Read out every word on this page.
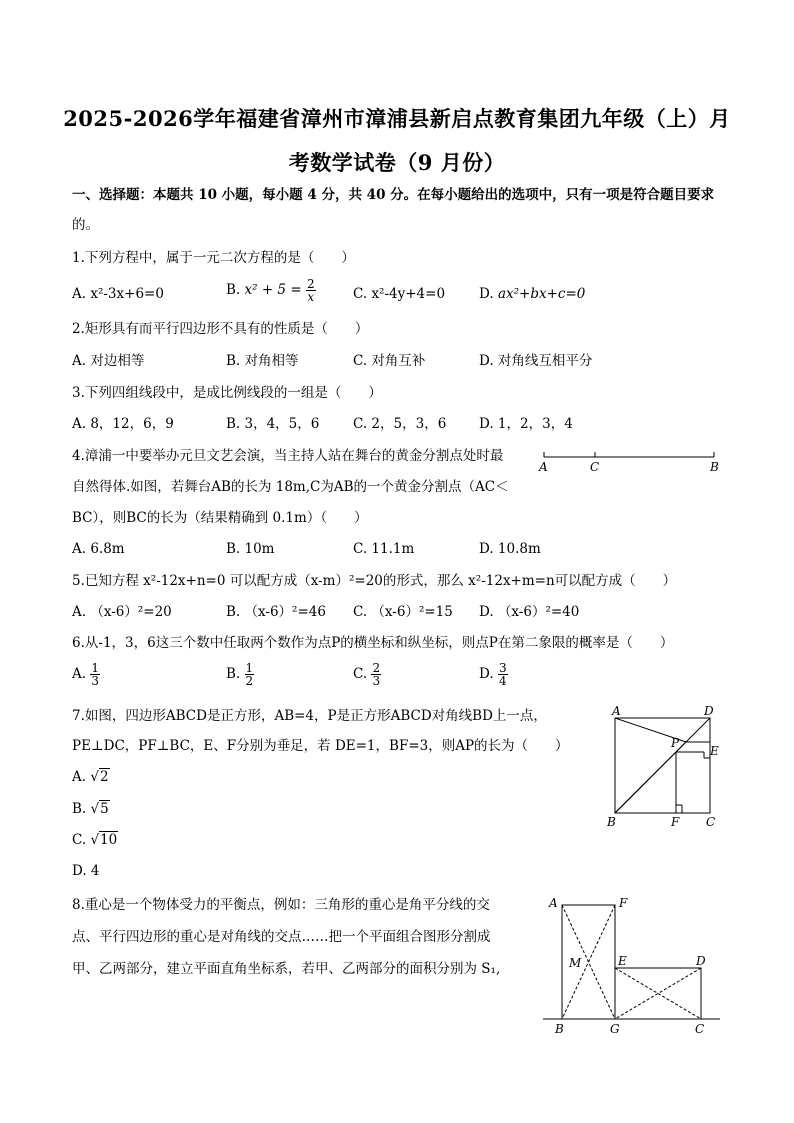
2025-2026学年福建省漳州市漳浦县新启点教育集团九年级（上）月
考数学试卷（9 月份）
一、选择题：本题共 10 小题，每小题 4 分，共 40 分。在每小题给出的选项中，只有一项是符合题目要求
的。
1.下列方程中，属于一元二次方程的是（　　）
A. x²-3x+6=0	B. $x^2 + 5 = \frac{2}{x}$	C. x²-4y+4=0	D. ax²+bx+c=0
2.矩形具有而平行四边形不具有的性质是（　　）
A. 对边相等	B. 对角相等	C. 对角互补	D. 对角线互相平分
3.下列四组线段中，是成比例线段的一组是（　　）
A. 8，12，6，9	B. 3，4，5，6 C. 2，5，3，6 D. 1，2，3，4
4.漳浦一中要举办元旦文艺会演，当主持人站在舞台的黄金分割点处时最
自然得体.如图，若舞台AB的长为 18m,C为AB的一个黄金分割点（AC＜
BC），则BC的长为（结果精确到 0.1m）（　　）
A	C	B
A. 6.8m	B. 10m	C. 11.1m	D. 10.8m
5.已知方程 x²-12x+n=0 可以配方成（x-m）²=20的形式，那么 x²-12x+m=n可以配方成（　　）
A. （x-6）²=20	B. （x-6）²=46 C. （x-6）²=15 D. （x-6）²=40
6.从-1，3，6这三个数中任取两个数作为点P的横坐标和纵坐标，则点P在第二象限的概率是（　　）
A. $\frac{1}{3}$	B. $\frac{1}{2}$	C. $\frac{2}{3}$	D. $\frac{3}{4}$
7.如图，四边形ABCD是正方形，AB=4，P是正方形ABCD对角线BD上一点，
PE⊥DC，PF⊥BC，E、F分别为垂足，若 DE=1，BF=3，则AP的长为（　　）
A. √2
B. √5
C. √10
D. 4
A	D
P
E
B	F C
8.重心是一个物体受力的平衡点，例如：三角形的重心是角平分线的交
点、平行四边形的重心是对角线的交点……把一个平面组合图形分割成
甲、乙两部分，建立平面直角坐标系，若甲、乙两部分的面积分别为 S₁,
A	F
M	E	D
B	G	C
